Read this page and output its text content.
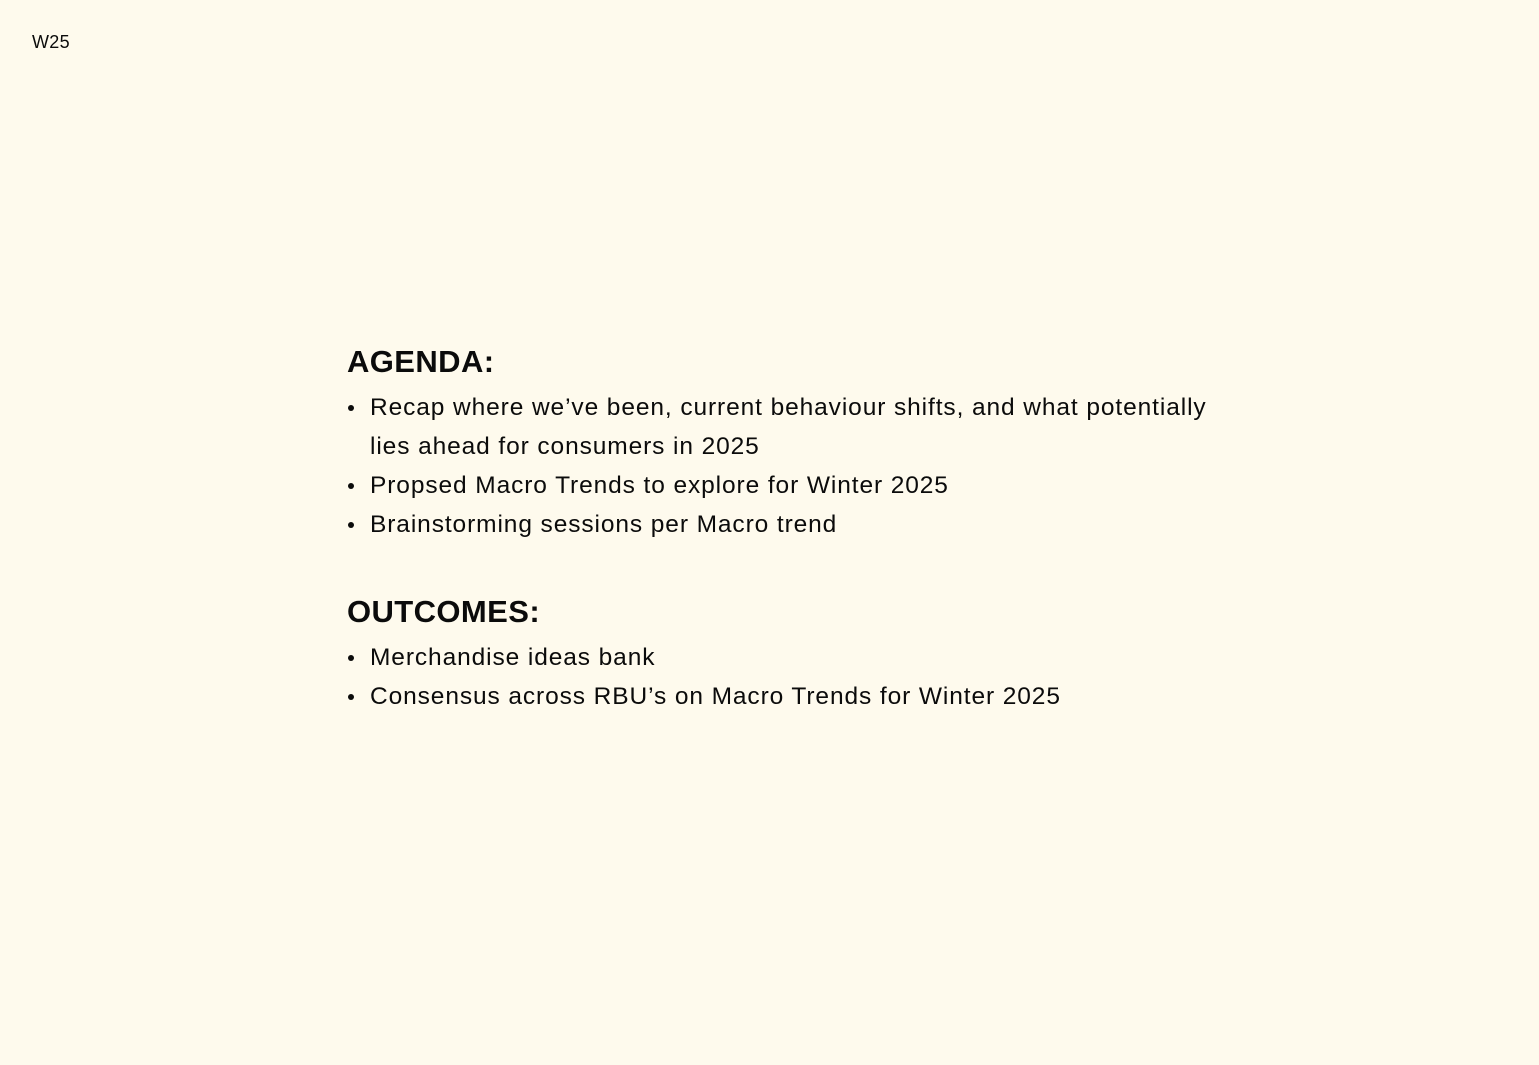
W25
AGENDA:
Recap where we’ve been, current behaviour shifts, and what potentially lies ahead for consumers in 2025
Propsed Macro Trends to explore for Winter 2025
Brainstorming sessions per Macro trend
OUTCOMES:
Merchandise ideas bank
Consensus across RBU’s on Macro Trends for Winter 2025
